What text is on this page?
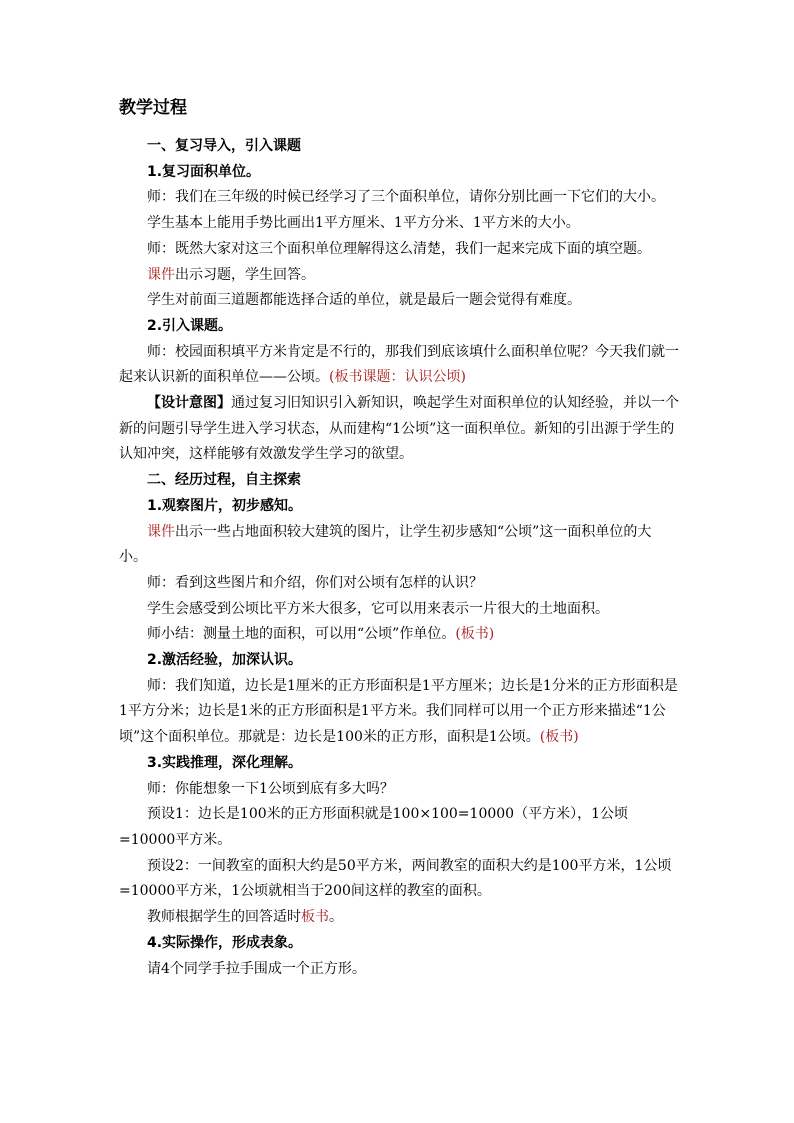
教学过程

一、复习导入，引入课题

1.复习面积单位。

师：我们在三年级的时候已经学习了三个面积单位，请你分别比画一下它们的大小。

学生基本上能用手势比画出1平方厘米、1平方分米、1平方米的大小。

师：既然大家对这三个面积单位理解得这么清楚，我们一起来完成下面的填空题。

课件出示习题，学生回答。

学生对前面三道题都能选择合适的单位，就是最后一题会觉得有难度。

2.引入课题。

师：校园面积填平方米肯定是不行的，那我们到底该填什么面积单位呢？今天我们就一起来认识新的面积单位——公顷。(板书课题：认识公顷)

【设计意图】通过复习旧知识引入新知识，唤起学生对面积单位的认知经验，并以一个新的问题引导学生进入学习状态，从而建构“1公顷”这一面积单位。新知的引出源于学生的认知冲突，这样能够有效激发学生学习的欲望。

二、经历过程，自主探索

1.观察图片，初步感知。

课件出示一些占地面积较大建筑的图片，让学生初步感知“公顷”这一面积单位的大小。

师：看到这些图片和介绍，你们对公顷有怎样的认识？

学生会感受到公顷比平方米大很多，它可以用来表示一片很大的土地面积。

师小结：测量土地的面积，可以用“公顷”作单位。(板书)

2.激活经验，加深认识。

师：我们知道，边长是1厘米的正方形面积是1平方厘米；边长是1分米的正方形面积是1平方分米；边长是1米的正方形面积是1平方米。我们同样可以用一个正方形来描述“1公顷”这个面积单位。那就是：边长是100米的正方形，面积是1公顷。(板书)

3.实践推理，深化理解。

师：你能想象一下1公顷到底有多大吗？

预设1：边长是100米的正方形面积就是100×100=10000（平方米），1公顷=10000平方米。

预设2：一间教室的面积大约是50平方米，两间教室的面积大约是100平方米，1公顷=10000平方米，1公顷就相当于200间这样的教室的面积。

教师根据学生的回答适时板书。

4.实际操作，形成表象。

请4个同学手拉手围成一个正方形。
